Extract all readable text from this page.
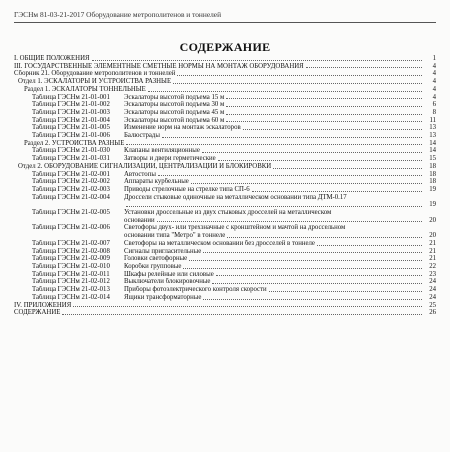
ГЭСНм 81-03-21-2017 Оборудование метрополитенов и тоннелей
СОДЕРЖАНИЕ
I. ОБЩИЕ ПОЛОЖЕНИЯ	1
III. ГОСУДАРСТВЕННЫЕ ЭЛЕМЕНТНЫЕ СМЕТНЫЕ НОРМЫ НА МОНТАЖ ОБОРУДОВАНИЯ	4
Сборник 21. Оборудование метрополитенов и тоннелей	4
Отдел 1. ЭСКАЛАТОРЫ И УСТРОЙСТВА РАЗНЫЕ	4
Раздел 1. ЭСКАЛАТОРЫ ТОННЕЛЬНЫЕ	4
Таблица ГЭСНм 21-01-001	Эскалаторы высотой подъема 15 м	4
Таблица ГЭСНм 21-01-002	Эскалаторы высотой подъема 30 м	6
Таблица ГЭСНм 21-01-003	Эскалаторы высотой подъема 45 м	8
Таблица ГЭСНм 21-01-004	Эскалаторы высотой подъема 60 м	11
Таблица ГЭСНм 21-01-005	Изменение норм на монтаж эскалаторов	13
Таблица ГЭСНм 21-01-006	Балюстрады	13
Раздел 2. УСТРОЙСТВА РАЗНЫЕ	14
Таблица ГЭСНм 21-01-030	Клапаны вентиляционные	14
Таблица ГЭСНм 21-01-031	Затворы и двери герметические	15
Отдел 2. ОБОРУДОВАНИЕ СИГНАЛИЗАЦИИ, ЦЕНТРАЛИЗАЦИИ И БЛОКИРОВКИ	18
Таблица ГЭСНм 21-02-001	Автостопы	18
Таблица ГЭСНм 21-02-002	Аппараты курбельные	18
Таблица ГЭСНм 21-02-003	Приводы стрелочные на стрелке типа СП-6	19
Таблица ГЭСНм 21-02-004	Дроссели стыковые одиночные на металлическом основании типа ДТМ-0.17
19
Таблица ГЭСНм 21-02-005	Установки дроссельные из двух стыковых дросселей на металлическом
основании	20
Таблица ГЭСНм 21-02-006	Светофоры двух- или трехзначные с кронштейном и мачтой на дроссельном
основании типа "Метро" в тоннеле	20
Таблица ГЭСНм 21-02-007	Светофоры на металлическом основании без дросселей в тоннеле	21
Таблица ГЭСНм 21-02-008	Сигналы пригласительные	21
Таблица ГЭСНм 21-02-009	Головки светофорные	21
Таблица ГЭСНм 21-02-010	Коробки групповые	22
Таблица ГЭСНм 21-02-011	Шкафы релейные или силовые	23
Таблица ГЭСНм 21-02-012	Выключатели блокировочные	24
Таблица ГЭСНм 21-02-013	Приборы фотоэлектрического контроля скорости	24
Таблица ГЭСНм 21-02-014	Ящики трансформаторные	24
IV. ПРИЛОЖЕНИЯ	25
СОДЕРЖАНИЕ	26
